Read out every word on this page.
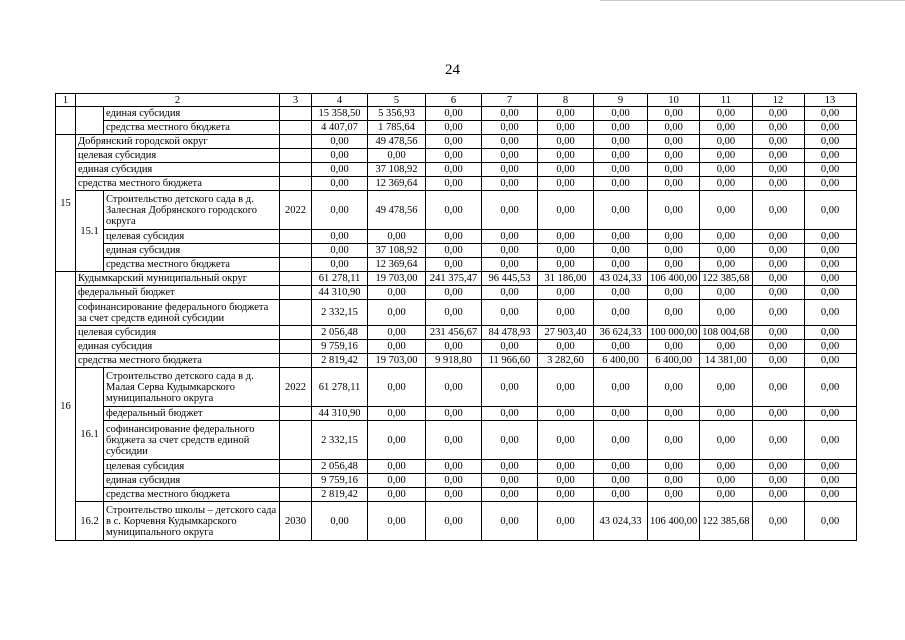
24
1	2		3	4	5	6	7	8	9	10	11	12	13
		единая субсидия		15 358,50	5 356,93	0,00	0,00	0,00	0,00	0,00	0,00	0,00	0,00
		средства местного бюджета		4 407,07	1 785,64	0,00	0,00	0,00	0,00	0,00	0,00	0,00	0,00
15	Добрянский городской округ			0,00	49 478,56	0,00	0,00	0,00	0,00	0,00	0,00	0,00	0,00
	целевая субсидия			0,00	0,00	0,00	0,00	0,00	0,00	0,00	0,00	0,00	0,00
	единая субсидия			0,00	37 108,92	0,00	0,00	0,00	0,00	0,00	0,00	0,00	0,00
	средства местного бюджета			0,00	12 369,64	0,00	0,00	0,00	0,00	0,00	0,00	0,00	0,00
	15.1	Строительство детского сада в д. Залесная Добрянского городского округа	2022	0,00	49 478,56	0,00	0,00	0,00	0,00	0,00	0,00	0,00	0,00
		целевая субсидия		0,00	0,00	0,00	0,00	0,00	0,00	0,00	0,00	0,00	0,00
		единая субсидия		0,00	37 108,92	0,00	0,00	0,00	0,00	0,00	0,00	0,00	0,00
		средства местного бюджета		0,00	12 369,64	0,00	0,00	0,00	0,00	0,00	0,00	0,00	0,00
16	Кудымкарский муниципальный округ			61 278,11	19 703,00	241 375,47	96 445,53	31 186,00	43 024,33	106 400,00	122 385,68	0,00	0,00
	федеральный бюджет			44 310,90	0,00	0,00	0,00	0,00	0,00	0,00	0,00	0,00	0,00
	софинансирование федерального бюджета за счет средств единой субсидии			2 332,15	0,00	0,00	0,00	0,00	0,00	0,00	0,00	0,00	0,00
	целевая субсидия			2 056,48	0,00	231 456,67	84 478,93	27 903,40	36 624,33	100 000,00	108 004,68	0,00	0,00
	единая субсидия			9 759,16	0,00	0,00	0,00	0,00	0,00	0,00	0,00	0,00	0,00
	средства местного бюджета			2 819,42	19 703,00	9 918,80	11 966,60	3 282,60	6 400,00	6 400,00	14 381,00	0,00	0,00
	16.1	Строительство детского сада в д. Малая Серва Кудымкарского муниципального округа	2022	61 278,11	0,00	0,00	0,00	0,00	0,00	0,00	0,00	0,00	0,00
		федеральный бюджет		44 310,90	0,00	0,00	0,00	0,00	0,00	0,00	0,00	0,00	0,00
		софинансирование федерального бюджета за счет средств единой субсидии		2 332,15	0,00	0,00	0,00	0,00	0,00	0,00	0,00	0,00	0,00
		целевая субсидия		2 056,48	0,00	0,00	0,00	0,00	0,00	0,00	0,00	0,00	0,00
		единая субсидия		9 759,16	0,00	0,00	0,00	0,00	0,00	0,00	0,00	0,00	0,00
		средства местного бюджета		2 819,42	0,00	0,00	0,00	0,00	0,00	0,00	0,00	0,00	0,00
	16.2	Строительство школы – детского сада в с. Корчевня Кудымкарского муниципального округа	2030	0,00	0,00	0,00	0,00	0,00	43 024,33	106 400,00	122 385,68	0,00	0,00
